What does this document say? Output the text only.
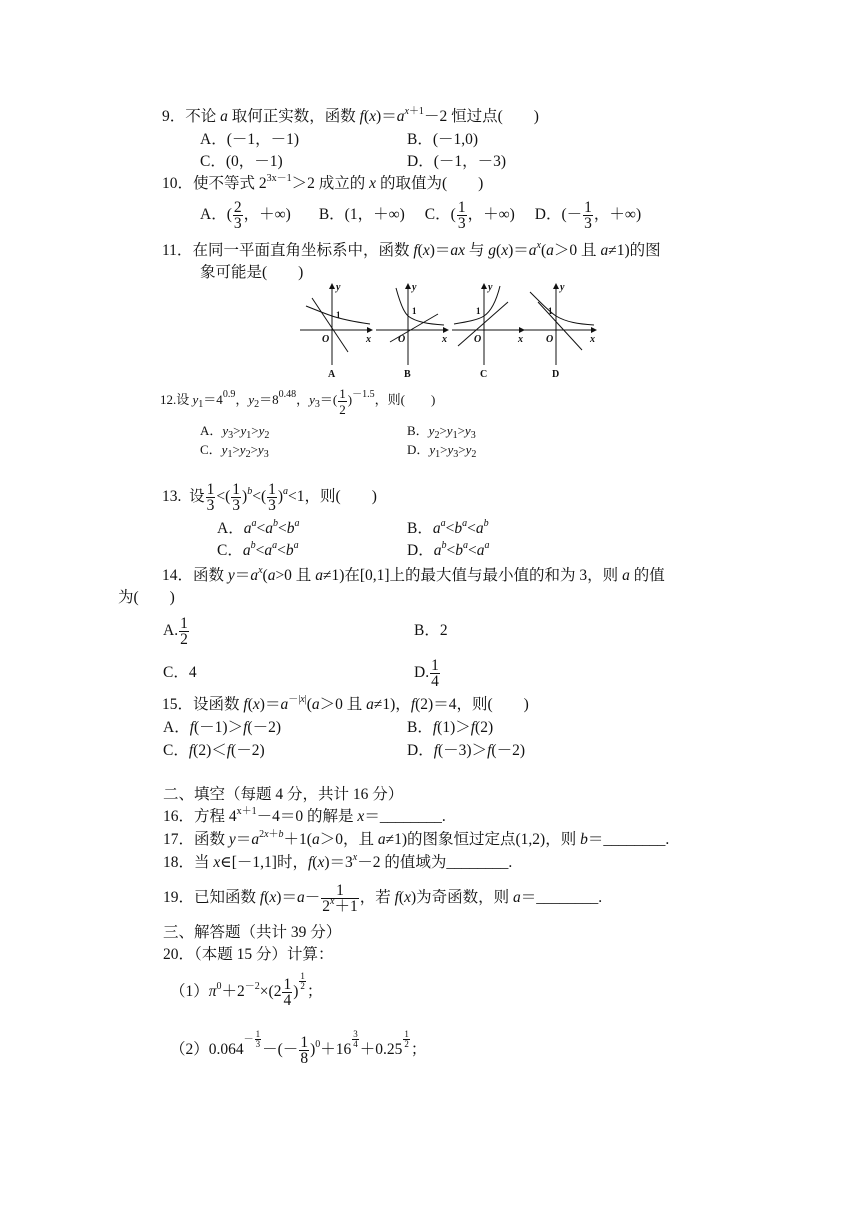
9．不论 a 取何正实数，函数 $f(x)=a^{x+1}-2$ 恒过点(　　)
A．(－1，－1)	B．(－1,0)
C．(0，－1)	D．(－1，－3)
10．使不等式 $2^{3x-1}>2$ 成立的 x 的取值为(　　)
A．( $\frac{2}{3}$ ，＋∞) B．(1，＋∞) C．( $\frac{1}{3}$ ，＋∞) D．(－ $\frac{1}{3}$ ，＋∞)
11．在同一平面直角坐标系中，函数 f(x)＝ax 与 $g(x)=a^x(a>0$ 且 a≠1)的图
象可能是(　　)
y
1
O	x
A
y
1
O	x
B
y
1
O	x
C
y
1
O	x
D
12.设 $y_1=4^{0.9}$，$y_2=8^{0.48}$，$y_3=( \frac{1}{2} )^{-1.5}$，则(　　)
A．$y_3>y_1>y_2$	B．$y_2>y_1>y_3$
C．$y_1>y_2>y_3$	D．$y_1>y_3>y_2$
13. 设 $\frac{1}{3}$ <( $\frac{1}{3} )^b<( \frac{1}{3} )^a<1$，则(　　)
A．$a^a<a^b<b^a$	B．$a^a<b^a<a^b$
C．$a^b<a^a<b^a$	D．$a^b<b^a<a^a$
14．函数 $y=a^x(a>0$ 且 a≠1)在[0,1]上的最大值与最小值的和为 3，则 a 的值
为(　　)
A. $\frac{1}{2}$	B．2
C．4	D. $\frac{1}{4}$
15．设函数 $f(x)=a^{-|x|}(a>0$ 且 a≠1)，f(2)＝4，则(　　)
A．f(－1)＞f(－2)	B．f(1)＞f(2)
C．f(2)＜f(－2)	D．f(－3)＞f(－2)
二、填空（每题 4 分，共计 16 分）
16．方程 $4^{x+1}-4=0$ 的解是 x＝________.
17．函数 $y=a^{2x+b}+1(a>0$，且 a≠1)的图象恒过定点(1,2)，则 b＝________.
18．当 x∈[－1,1]时，$f(x)=3^x-2$ 的值域为________.
19．已知函数 $f(x)=a- \frac{1}{2^x+1}$ ，若 f(x)为奇函数，则 a＝________.
三、解答题（共计 39 分）
20．（本题 15 分）计算：
$(1)\pi^0+2^{-2}\times(2 \frac{1}{4}$ )
$^{\frac{1}{2}}$
；
$(2)0.064^{- \frac{1}{3}}$
－(－ $\frac{1}{8} )^0+16$
$^{\frac{3}{4}}$
＋0.25
$^{\frac{1}{2}}$
；
